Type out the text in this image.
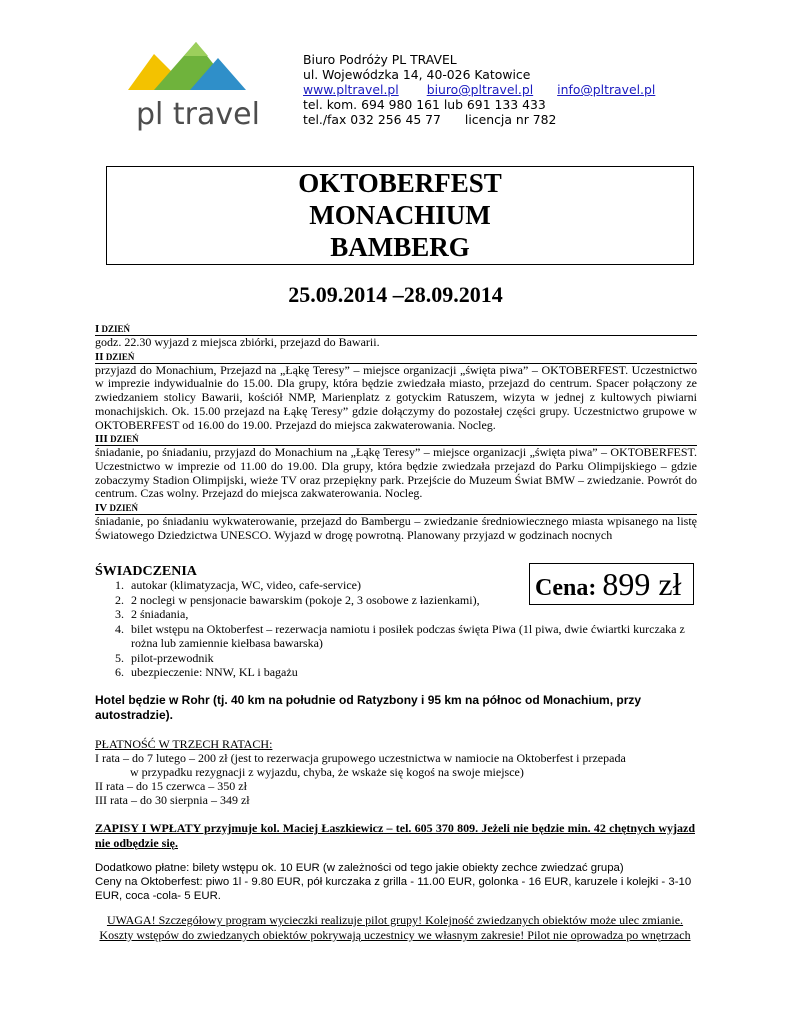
pl travel
Biuro Podróży PL TRAVEL
ul. Wojewódzka 14, 40-026 Katowice
www.pltravel.pl biuro@pltravel.pl info@pltravel.pl
tel. kom. 694 980 161 lub 691 133 433
tel./fax 032 256 45 77 licencja nr 782
OKTOBERFEST
MONACHIUM
BAMBERG
25.09.2014 –28.09.2014
I DZIEŃ
godz. 22.30 wyjazd z miejsca zbiórki, przejazd do Bawarii.
II DZIEŃ
przyjazd do Monachium, Przejazd na „Łąkę Teresy” – miejsce organizacji „święta piwa” – OKTOBERFEST. Uczestnictwo w imprezie indywidualnie do 15.00. Dla grupy, która będzie zwiedzała miasto, przejazd do centrum. Spacer połączony ze zwiedzaniem stolicy Bawarii, kościół NMP, Marienplatz z gotyckim Ratuszem, wizyta w jednej z kultowych piwiarni monachijskich. Ok. 15.00 przejazd na Łąkę Teresy” gdzie dołączymy do pozostałej części grupy. Uczestnictwo grupowe w OKTOBERFEST od 16.00 do 19.00. Przejazd do miejsca zakwaterowania. Nocleg.
III DZIEŃ
śniadanie, po śniadaniu, przyjazd do Monachium na „Łąkę Teresy” – miejsce organizacji „święta piwa” – OKTOBERFEST. Uczestnictwo w imprezie od 11.00 do 19.00. Dla grupy, która będzie zwiedzała przejazd do Parku Olimpijskiego – gdzie zobaczymy Stadion Olimpijski, wieże TV oraz przepiękny park. Przejście do Muzeum Świat BMW – zwiedzanie. Powrót do centrum. Czas wolny. Przejazd do miejsca zakwaterowania. Nocleg.
IV DZIEŃ
śniadanie, po śniadaniu wykwaterowanie, przejazd do Bambergu – zwiedzanie średniowiecznego miasta wpisanego na listę Światowego Dziedzictwa UNESCO. Wyjazd w drogę powrotną. Planowany przyjazd w godzinach nocnych
ŚWIADCZENIA
1. autokar (klimatyzacja, WC, video, cafe-service)
2. 2 noclegi w pensjonacie bawarskim (pokoje 2, 3 osobowe z łazienkami),
3. 2 śniadania,
4. bilet wstępu na Oktoberfest – rezerwacja namiotu i posiłek podczas święta Piwa (1l piwa, dwie ćwiartki kurczaka z rożna lub zamiennie kiełbasa bawarska)
5. pilot-przewodnik
6. ubezpieczenie: NNW, KL i bagażu
Cena: 899 zł
Hotel będzie w Rohr (tj. 40 km na południe od Ratyzbony i 95 km na północ od Monachium, przy autostradzie).
PŁATNOŚĆ W TRZECH RATACH:
I rata – do 7 lutego – 200 zł (jest to rezerwacja grupowego uczestnictwa w namiocie na Oktoberfest i przepada
w przypadku rezygnacji z wyjazdu, chyba, że wskaże się kogoś na swoje miejsce)
II rata – do 15 czerwca – 350 zł
III rata – do 30 sierpnia – 349 zł
ZAPISY I WPŁATY przyjmuje kol. Maciej Łaszkiewicz – tel. 605 370 809. Jeżeli nie będzie min. 42 chętnych wyjazd nie odbędzie się.
Dodatkowo płatne: bilety wstępu ok. 10 EUR (w zależności od tego jakie obiekty zechce zwiedzać grupa)
Ceny na Oktoberfest: piwo 1l - 9.80 EUR, pół kurczaka z grilla - 11.00 EUR, golonka - 16 EUR, karuzele i kolejki - 3-10 EUR, coca -cola- 5 EUR.
UWAGA! Szczegółowy program wycieczki realizuje pilot grupy! Kolejność zwiedzanych obiektów może ulec zmianie.
Koszty wstępów do zwiedzanych obiektów pokrywają uczestnicy we własnym zakresie! Pilot nie oprowadza po wnętrzach
